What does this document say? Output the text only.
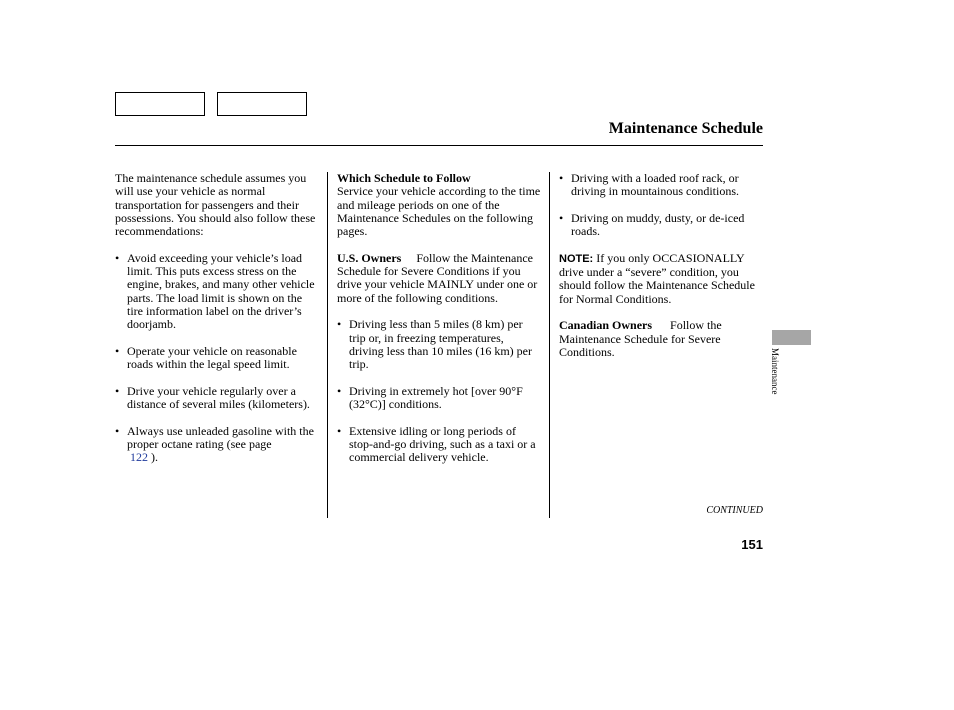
Maintenance Schedule

The maintenance schedule assumes you will use your vehicle as normal transportation for passengers and their possessions. You should also follow these recommendations:

• Avoid exceeding your vehicle’s load limit. This puts excess stress on the engine, brakes, and many other vehicle parts. The load limit is shown on the tire information label on the driver’s doorjamb.
• Operate your vehicle on reasonable roads within the legal speed limit.
• Drive your vehicle regularly over a distance of several miles (kilometers).
• Always use unleaded gasoline with the proper octane rating (see page
122 ).

Which Schedule to Follow

Service your vehicle according to the time and mileage periods on one of the Maintenance Schedules on the following pages.

U.S. Owners Follow the Maintenance Schedule for Severe Conditions if you drive your vehicle MAINLY under one or more of the following conditions.

• Driving less than 5 miles (8 km) per trip or, in freezing temperatures, driving less than 10 miles (16 km) per trip.
• Driving in extremely hot [over 90°F (32°C)] conditions.
• Extensive idling or long periods of stop-and-go driving, such as a taxi or a commercial delivery vehicle.
• Driving with a loaded roof rack, or driving in mountainous conditions.
• Driving on muddy, dusty, or de-iced roads.

NOTE: If you only OCCASIONALLY drive under a “severe” condition, you should follow the Maintenance Schedule for Normal Conditions.

Canadian Owners Follow the Maintenance Schedule for Severe Conditions.

CONTINUED
151
Maintenance
